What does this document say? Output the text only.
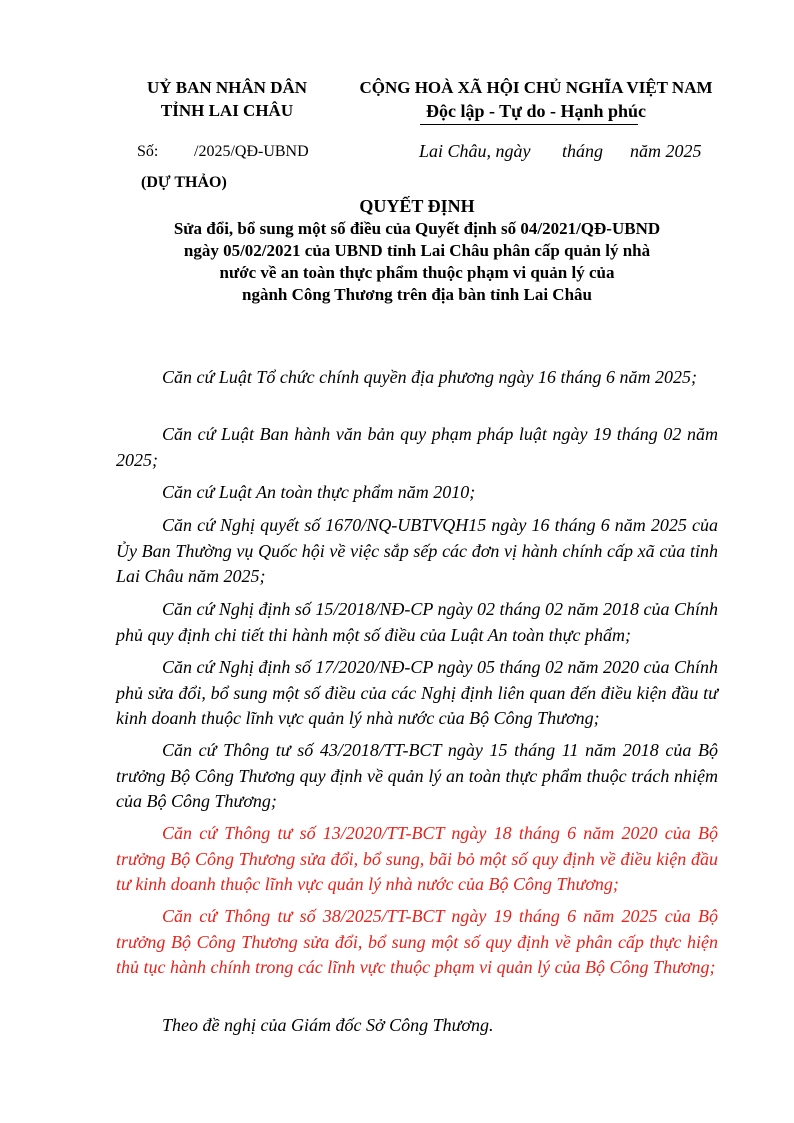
UỶ BAN NHÂN DÂN
TỈNH LAI CHÂU
CỘNG HOÀ XÃ HỘI CHỦ NGHĨA VIỆT NAM
Độc lập - Tự do - Hạnh phúc
Số: /2025/QĐ-UBND	Lai Châu, ngày       tháng      năm 2025
(DỰ THẢO)
QUYẾT ĐỊNH
Sửa đổi, bổ sung một số điều của Quyết định số 04/2021/QĐ-UBND
ngày 05/02/2021 của UBND tỉnh Lai Châu phân cấp quản lý nhà
nước về an toàn thực phẩm thuộc phạm vi quản lý của
ngành Công Thương trên địa bàn tỉnh Lai Châu
Căn cứ Luật Tổ chức chính quyền địa phương ngày 16 tháng 6 năm 2025;
Căn cứ Luật Ban hành văn bản quy phạm pháp luật ngày 19 tháng 02 năm 2025;
Căn cứ Luật An toàn thực phẩm năm 2010;
Căn cứ Nghị quyết số 1670/NQ-UBTVQH15 ngày 16 tháng 6 năm 2025 của Ủy Ban Thường vụ Quốc hội về việc sắp sếp các đơn vị hành chính cấp xã của tỉnh Lai Châu năm 2025;
Căn cứ Nghị định số 15/2018/NĐ-CP ngày 02 tháng 02 năm 2018 của Chính phủ quy định chi tiết thi hành một số điều của Luật An toàn thực phẩm;
Căn cứ Nghị định số 17/2020/NĐ-CP ngày 05 tháng 02 năm 2020 của Chính phủ sửa đổi, bổ sung một số điều của các Nghị định liên quan đến điều kiện đầu tư kinh doanh thuộc lĩnh vực quản lý nhà nước của Bộ Công Thương;
Căn cứ Thông tư số 43/2018/TT-BCT ngày 15 tháng 11 năm 2018 của Bộ trưởng Bộ Công Thương quy định về quản lý an toàn thực phẩm thuộc trách nhiệm của Bộ Công Thương;
Căn cứ Thông tư số 13/2020/TT-BCT ngày 18 tháng 6 năm 2020 của Bộ trưởng Bộ Công Thương sửa đổi, bổ sung, bãi bỏ một số quy định về điều kiện đầu tư kinh doanh thuộc lĩnh vực quản lý nhà nước của Bộ Công Thương;
Căn cứ Thông tư số 38/2025/TT-BCT ngày 19 tháng 6 năm 2025 của Bộ trưởng Bộ Công Thương sửa đổi, bổ sung một số quy định về phân cấp thực hiện thủ tục hành chính trong các lĩnh vực thuộc phạm vi quản lý của Bộ Công Thương;
Theo đề nghị của Giám đốc Sở Công Thương.
